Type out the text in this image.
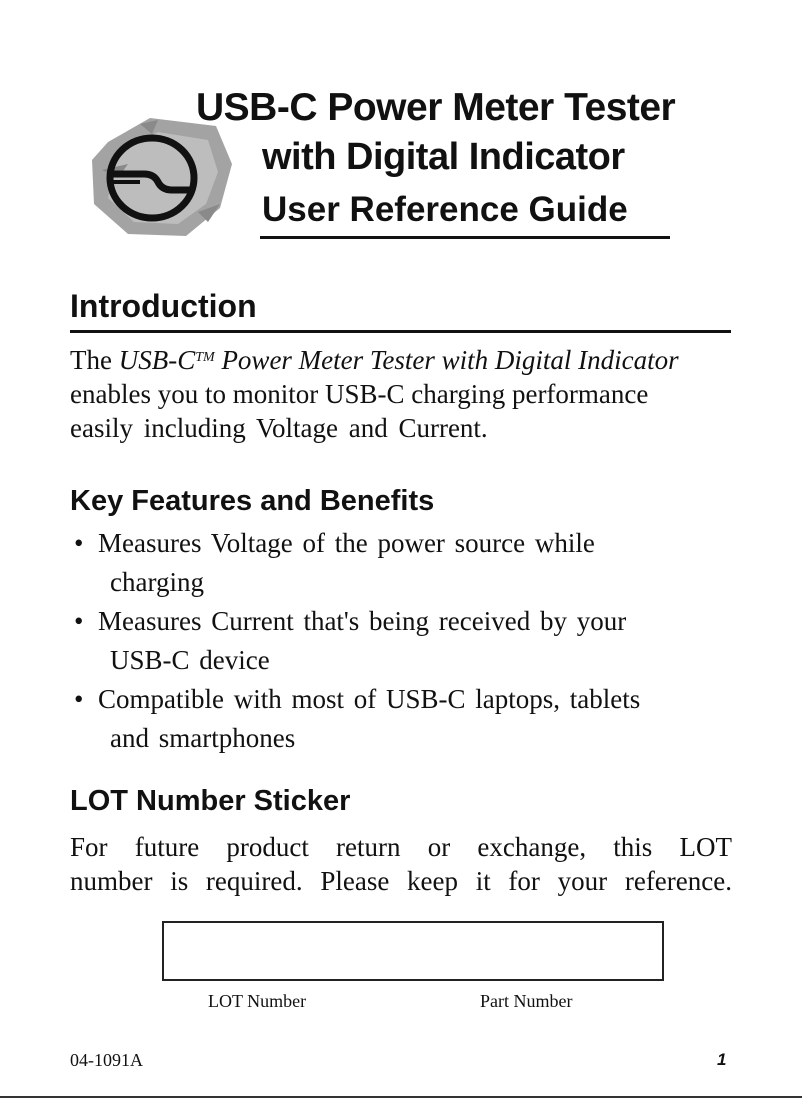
USB-C Power Meter Tester
with Digital Indicator
User Reference Guide
Introduction
The USB-C™ Power Meter Tester with Digital Indicator
enables you to monitor USB-C charging performance
easily including Voltage and Current.
Key Features and Benefits
• Measures Voltage of the power source while
charging
• Measures Current that's being received by your
USB-C device
• Compatible with most of USB-C laptops, tablets
and smartphones
LOT Number Sticker
For future product return or exchange, this LOT
number is required. Please keep it for your reference.
LOT Number	Part Number
04-1091A	1
